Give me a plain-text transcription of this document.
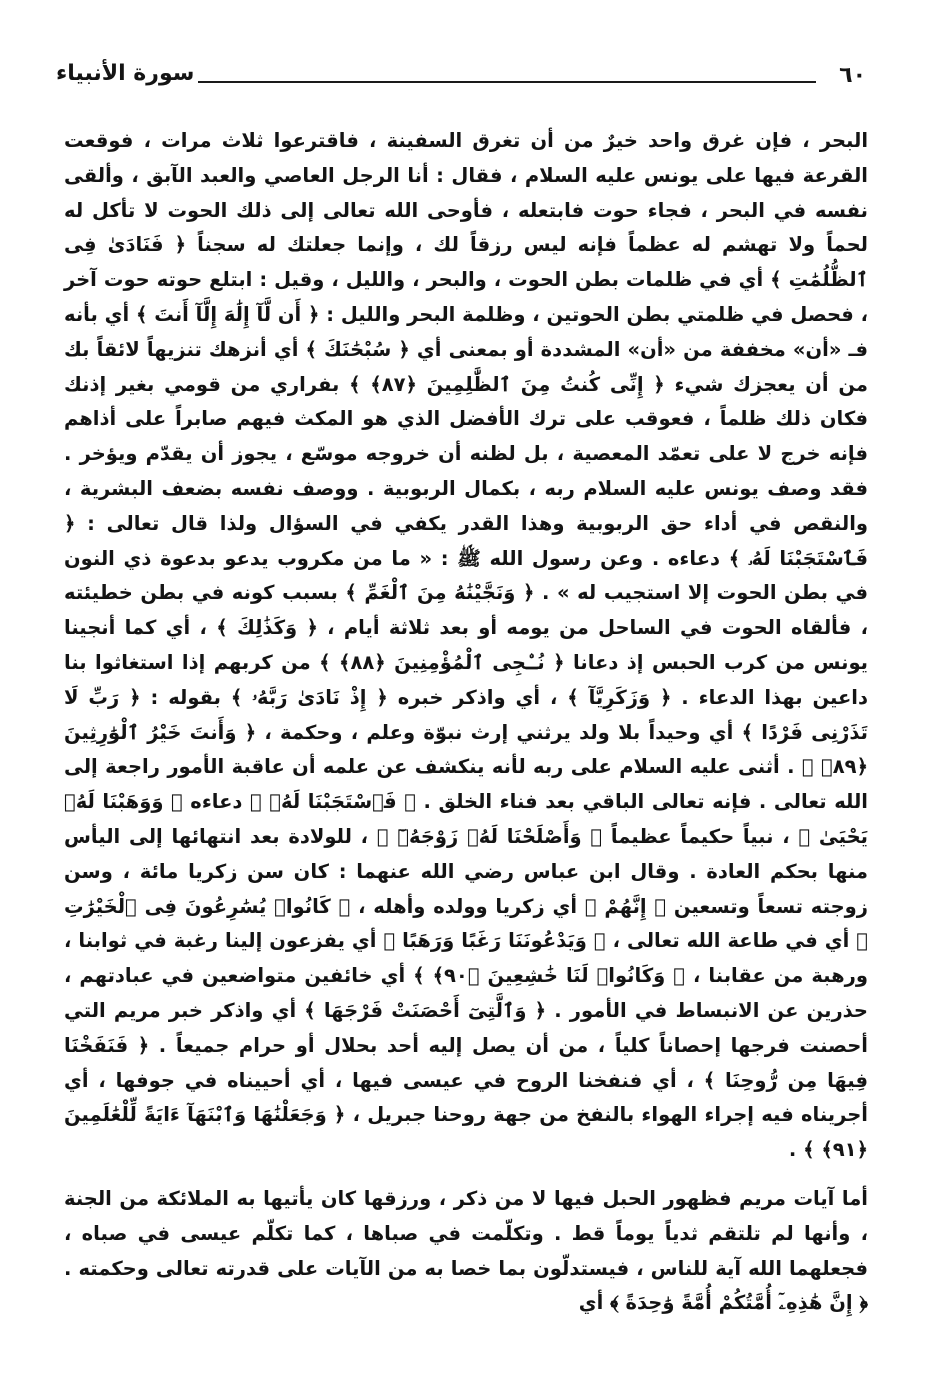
٦٠
سورة الأنبياء

البحر ، فإن غرق واحد خيرٌ من أن تغرق السفينة ، فاقترعوا ثلاث مرات ، فوقعت القرعة فيها على يونس عليه السلام ، فقال : أنا الرجل العاصي والعبد الآبق ، وألقى نفسه في البحر ، فجاء حوت فابتعله ، فأوحى الله تعالى إلى ذلك الحوت لا تأكل له لحماً ولا تهشم له عظماً فإنه ليس رزقاً لك ، وإنما جعلتك له سجناً ﴿ فَنَادَىٰ فِى ٱلظُّلُمَٰتِ ﴾ أي في ظلمات بطن الحوت ، والبحر ، والليل ، وقيل : ابتلع حوته حوت آخر ، فحصل في ظلمتي بطن الحوتين ، وظلمة البحر والليل : ﴿ أَن لَّآ إِلَٰهَ إِلَّآ أَنتَ ﴾ أي بأنه فـ «أن» مخففة من «أن» المشددة أو بمعنى أي ﴿ سُبْحَٰنَكَ ﴾ أي أنزهك تنزيهاً لائقاً بك من أن يعجزك شيء ﴿ إِنِّى كُنتُ مِنَ ٱلظَّٰلِمِينَ ﴿٨٧﴾ ﴾ بفراري من قومي بغير إذنك فكان ذلك ظلماً ، فعوقب على ترك الأفضل الذي هو المكث فيهم صابراً على أذاهم فإنه خرج لا على تعمّد المعصية ، بل لظنه أن خروجه موسّع ، يجوز أن يقدّم ويؤخر . فقد وصف يونس عليه السلام ربه ، بكمال الربوبية . ووصف نفسه بضعف البشرية ، والنقص في أداء حق الربوبية وهذا القدر يكفي في السؤال ولذا قال تعالى : ﴿ فَٱسْتَجَبْنَا لَهُۥ ﴾ دعاءه . وعن رسول الله ﷺ : « ما من مكروب يدعو بدعوة ذي النون في بطن الحوت إلا استجيب له » . ﴿ وَنَجَّيْنَٰهُ مِنَ ٱلْغَمِّ ﴾ بسبب كونه في بطن خطيئته ، فألقاه الحوت في الساحل من يومه أو بعد ثلاثة أيام ، ﴿ وَكَذَٰلِكَ ﴾ ، أي كما أنجينا يونس من كرب الحبس إذ دعانا ﴿ نُـۨجِى ٱلْمُؤْمِنِينَ ﴿٨٨﴾ ﴾ من كربهم إذا استغاثوا بنا داعين بهذا الدعاء . ﴿ وَزَكَرِيَّآ ﴾ ، أي واذكر خبره ﴿ إِذْ نَادَىٰ رَبَّهُۥ ﴾ بقوله : ﴿ رَبِّ لَا تَذَرْنِى فَرْدًا ﴾ أي وحيداً بلا ولد يرثني إرث نبوّة وعلم ، وحكمة ، ﴿ وَأَنتَ خَيْرُ ٱلْوَٰرِثِينَ ﴿٨٩﴾ ﴾ . أثنى عليه السلام على ربه لأنه ينكشف عن علمه أن عاقبة الأمور راجعة إلى الله تعالى . فإنه تعالى الباقي بعد فناء الخلق . ﴿ فَٱسْتَجَبْنَا لَهُۥ ﴾ دعاءه ﴿ وَوَهَبْنَا لَهُۥ يَحْيَىٰ ﴾ ، نبياً حكيماً عظيماً ﴿ وَأَصْلَحْنَا لَهُۥ زَوْجَهُۥٓ ﴾ ، للولادة بعد انتهائها إلى اليأس منها بحكم العادة . وقال ابن عباس رضي الله عنهما : كان سن زكريا مائة ، وسن زوجته تسعاً وتسعين ﴿ إِنَّهُمْ ﴾ أي زكريا وولده وأهله ، ﴿ كَانُوا۟ يُسَٰرِعُونَ فِى ٱلْخَيْرَٰتِ ﴾ أي في طاعة الله تعالى ، ﴿ وَيَدْعُونَنَا رَغَبًا وَرَهَبًا ﴾ أي يفزعون إلينا رغبة في ثوابنا ، ورهبة من عقابنا ، ﴿ وَكَانُوا۟ لَنَا خَٰشِعِينَ ﴿٩٠﴾ ﴾ أي خائفين متواضعين في عبادتهم ، حذرين عن الانبساط في الأمور . ﴿ وَٱلَّتِىٓ أَحْصَنَتْ فَرْجَهَا ﴾ أي واذكر خبر مريم التي أحصنت فرجها إحصاناً كلياً ، من أن يصل إليه أحد بحلال أو حرام جميعاً . ﴿ فَنَفَخْنَا فِيهَا مِن رُّوحِنَا ﴾ ، أي فنفخنا الروح في عيسى فيها ، أي أحييناه في جوفها ، أي أجريناه فيه إجراء الهواء بالنفخ من جهة روحنا جبريل ، ﴿ وَجَعَلْنَٰهَا وَٱبْنَهَآ ءَايَةً لِّلْعَٰلَمِينَ ﴿٩١﴾ ﴾ .

أما آيات مريم فظهور الحبل فيها لا من ذكر ، ورزقها كان يأتيها به الملائكة من الجنة ، وأنها لم تلتقم ثدياً يوماً قط . وتكلّمت في صباها ، كما تكلّم عيسى في صباه ، فجعلهما الله آية للناس ، فيستدلّون بما خصا به من الآيات على قدرته تعالى وحكمته . ﴿ إِنَّ هَٰذِهِۦٓ أُمَّتُكُمْ أُمَّةً وَٰحِدَةً ﴾ أي
